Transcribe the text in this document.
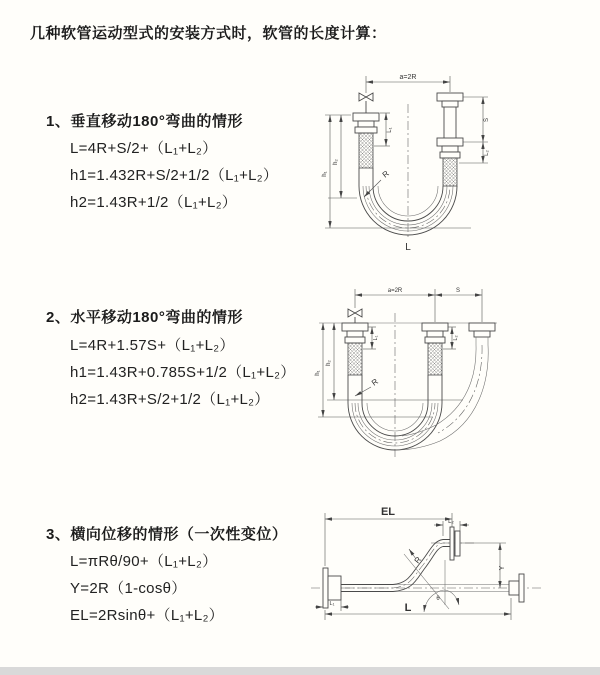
几种软管运动型式的安装方式时，软管的长度计算：
1、垂直移动180°弯曲的情形
L=4R+S/2+（L₁+L₂）
h1=1.432R+S/2+1/2（L₁+L₂）
h2=1.43R+1/2（L₁+L₂）
a=2R
L₁
S
L₂
h₁
h₂
R
L
2、水平移动180°弯曲的情形
L=4R+1.57S+（L₁+L₂）
h1=1.43R+0.785S+1/2（L₁+L₂）
h2=1.43R+S/2+1/2（L₁+L₂）
a=2R	S
L₁	L₂
h₁
h₂
R
3、横向位移的情形（一次性变位）
L=πRθ/90+（L₁+L₂）
Y=2R（1-cosθ）
EL=2Rsinθ+（L₁+L₂）
EL
L₂
Y
θ
R
L₁	L
